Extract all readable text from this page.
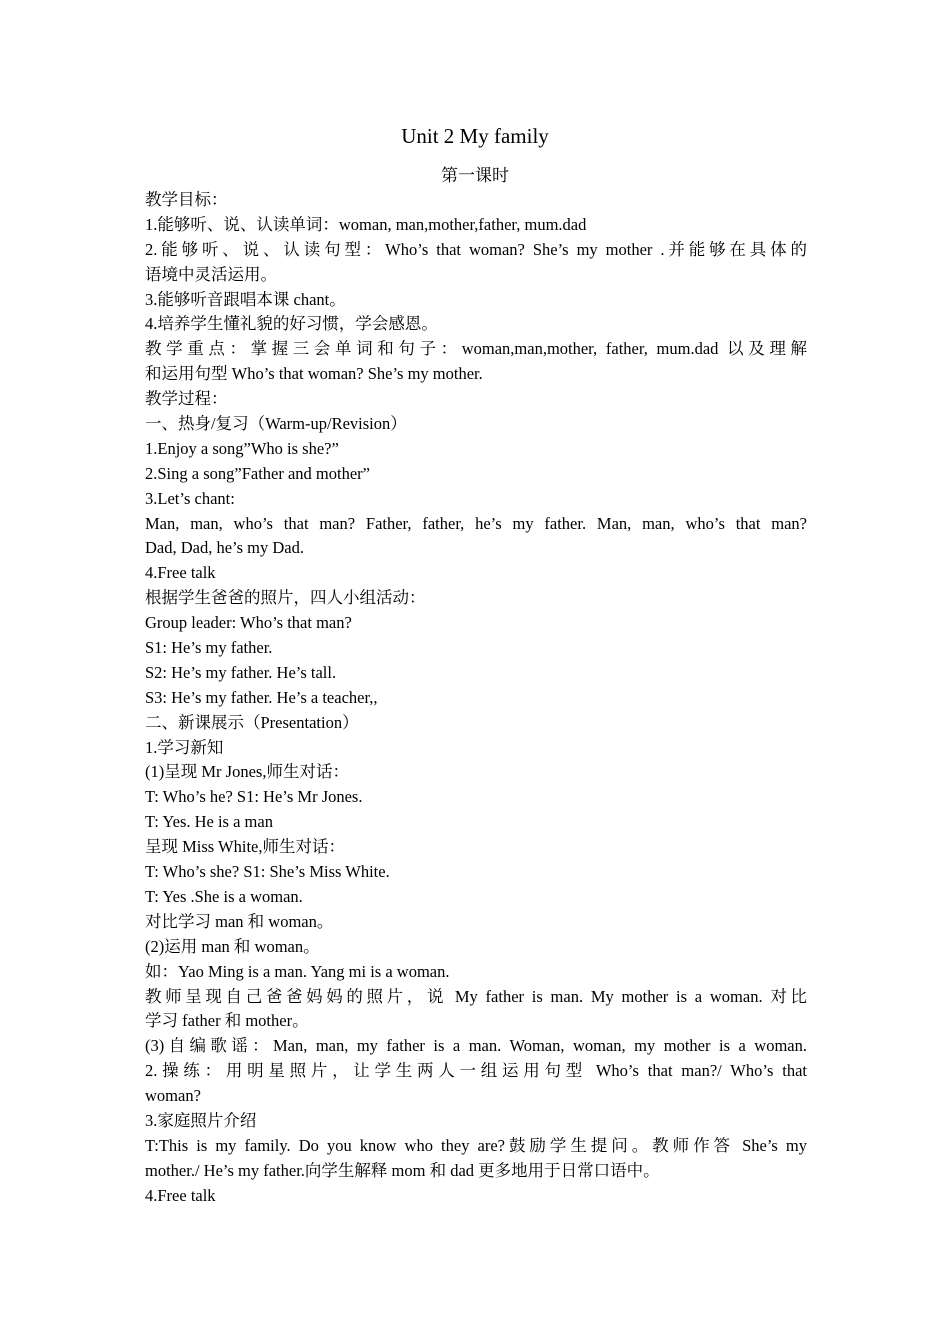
Unit 2 My family
第一课时
教学目标：
1.能够听、说、认读单词：woman, man,mother,father, mum.dad
2.能够听、说、认读句型：Who’s that woman? She’s my mother .并能够在具体的
语境中灵活运用。
3.能够听音跟唱本课 chant。
4.培养学生懂礼貌的好习惯，学会感恩。
教学重点：掌握三会单词和句子：woman,man,mother, father, mum.dad 以及理解
和运用句型 Who’s that woman? She’s my mother.
教学过程：
一、热身/复习（Warm-up/Revision）
1.Enjoy a song”Who is she?”
2.Sing a song”Father and mother”
3.Let’s chant:
Man, man, who’s that man? Father, father, he’s my father. Man, man, who’s that man?
Dad, Dad, he’s my Dad.
4.Free talk
根据学生爸爸的照片，四人小组活动：
Group leader: Who’s that man?
S1: He’s my father.
S2: He’s my father. He’s tall.
S3: He’s my father. He’s a teacher,,
二、新课展示（Presentation）
1.学习新知
(1)呈现 Mr Jones,师生对话：
T: Who’s he? S1: He’s Mr Jones.
T: Yes. He is a man
呈现 Miss White,师生对话：
T: Who’s she? S1: She’s Miss White.
T: Yes .She is a woman.
对比学习 man 和 woman。
(2)运用 man 和 woman。
如：Yao Ming is a man. Yang mi is a woman.
教师呈现自己爸爸妈妈的照片，说 My father is man. My mother is a woman. 对比
学习 father 和 mother。
(3)自编歌谣：Man, man, my father is a man. Woman, woman, my mother is a woman.
2.操练：用明星照片，让学生两人一组运用句型 Who’s that man?/ Who’s that
woman?
3.家庭照片介绍
T:This is my family. Do you know who they are?鼓励学生提问。教师作答 She’s my
mother./ He’s my father.向学生解释 mom 和 dad 更多地用于日常口语中。
4.Free talk
